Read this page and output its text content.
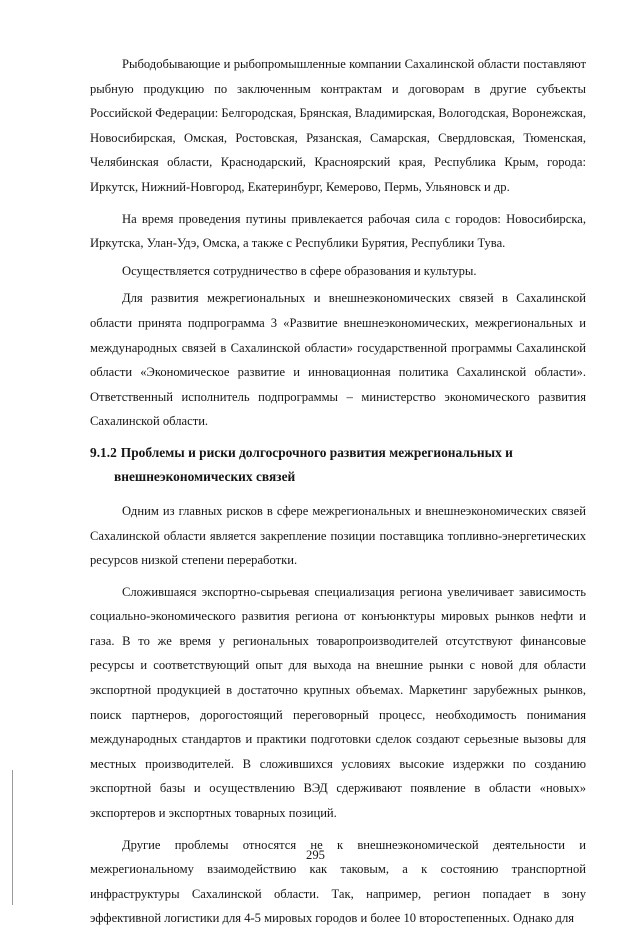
Рыбодобывающие и рыбопромышленные компании Сахалинской области поставляют рыбную продукцию по заключенным контрактам и договорам в другие субъекты Российской Федерации: Белгородская, Брянская, Владимирская, Вологодская, Воронежская, Новосибирская, Омская, Ростовская, Рязанская, Самарская, Свердловская, Тюменская, Челябинская области, Краснодарский, Красноярский края, Республика Крым, города: Иркутск, Нижний-Новгород, Екатеринбург, Кемерово, Пермь, Ульяновск и др.

На время проведения путины привлекается рабочая сила с городов: Новосибирска, Иркутска, Улан-Удэ, Омска, а также с Республики Бурятия, Республики Тува.

Осуществляется сотрудничество в сфере образования и культуры.

Для развития межрегиональных и внешнеэкономических связей в Сахалинской области принята подпрограмма 3 «Развитие внешнеэкономических, межрегиональных и международных связей в Сахалинской области» государственной программы Сахалинской области «Экономическое развитие и инновационная политика Сахалинской области». Ответственный исполнитель подпрограммы – министерство экономического развития Сахалинской области.

9.1.2 Проблемы и риски долгосрочного развития межрегиональных и
внешнеэкономических связей

Одним из главных рисков в сфере межрегиональных и внешнеэкономических связей Сахалинской области является закрепление позиции поставщика топливно-энергетических ресурсов низкой степени переработки.

Сложившаяся экспортно-сырьевая специализация региона увеличивает зависимость социально-экономического развития региона от конъюнктуры мировых рынков нефти и газа. В то же время у региональных товаропроизводителей отсутствуют финансовые ресурсы и соответствующий опыт для выхода на внешние рынки с новой для области экспортной продукцией в достаточно крупных объемах. Маркетинг зарубежных рынков, поиск партнеров, дорогостоящий переговорный процесс, необходимость понимания международных стандартов и практики подготовки сделок создают серьезные вызовы для местных производителей. В сложившихся условиях высокие издержки по созданию экспортной базы и осуществлению ВЭД сдерживают появление в области «новых» экспортеров и экспортных товарных позиций.

Другие проблемы относятся не к внешнеэкономической деятельности и межрегиональному взаимодействию как таковым, а к состоянию транспортной инфраструктуры Сахалинской области. Так, например, регион попадает в зону эффективной логистики для 4-5 мировых городов и более 10 второстепенных. Однако для

295
